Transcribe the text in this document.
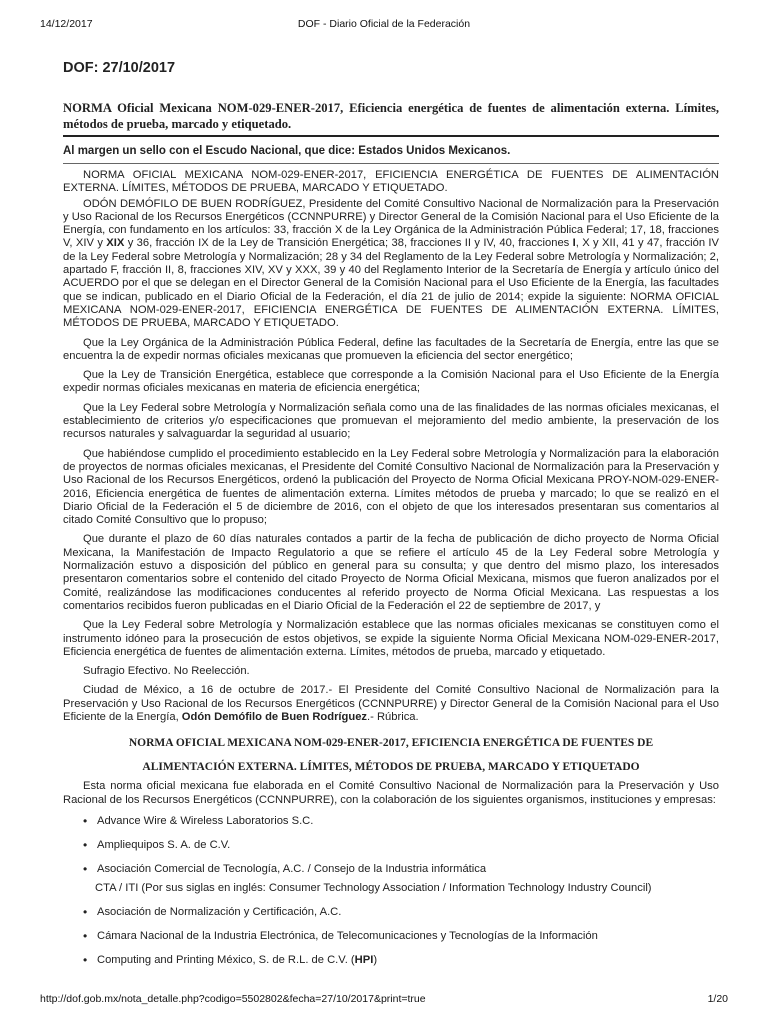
14/12/2017	DOF - Diario Oficial de la Federación
DOF: 27/10/2017

NORMA Oficial Mexicana NOM-029-ENER-2017, Eficiencia energética de fuentes de alimentación externa. Límites, métodos de prueba, marcado y etiquetado.

Al margen un sello con el Escudo Nacional, que dice: Estados Unidos Mexicanos.

NORMA OFICIAL MEXICANA NOM-029-ENER-2017, EFICIENCIA ENERGÉTICA DE FUENTES DE ALIMENTACIÓN EXTERNA. LÍMITES, MÉTODOS DE PRUEBA, MARCADO Y ETIQUETADO.

ODÓN DEMÓFILO DE BUEN RODRÍGUEZ, Presidente del Comité Consultivo Nacional de Normalización para la Preservación y Uso Racional de los Recursos Energéticos (CCNNPURRE) y Director General de la Comisión Nacional para el Uso Eficiente de la Energía, con fundamento en los artículos: 33, fracción X de la Ley Orgánica de la Administración Pública Federal; 17, 18, fracciones V, XIV y XIX y 36, fracción IX de la Ley de Transición Energética; 38, fracciones II y IV, 40, fracciones I, X y XII, 41 y 47, fracción IV de la Ley Federal sobre Metrología y Normalización; 28 y 34 del Reglamento de la Ley Federal sobre Metrología y Normalización; 2, apartado F, fracción II, 8, fracciones XIV, XV y XXX, 39 y 40 del Reglamento Interior de la Secretaría de Energía y artículo único del ACUERDO por el que se delegan en el Director General de la Comisión Nacional para el Uso Eficiente de la Energía, las facultades que se indican, publicado en el Diario Oficial de la Federación, el día 21 de julio de 2014; expide la siguiente: NORMA OFICIAL MEXICANA NOM-029-ENER-2017, EFICIENCIA ENERGÉTICA DE FUENTES DE ALIMENTACIÓN EXTERNA. LÍMITES, MÉTODOS DE PRUEBA, MARCADO Y ETIQUETADO.

Que la Ley Orgánica de la Administración Pública Federal, define las facultades de la Secretaría de Energía, entre las que se encuentra la de expedir normas oficiales mexicanas que promueven la eficiencia del sector energético;

Que la Ley de Transición Energética, establece que corresponde a la Comisión Nacional para el Uso Eficiente de la Energía expedir normas oficiales mexicanas en materia de eficiencia energética;

Que la Ley Federal sobre Metrología y Normalización señala como una de las finalidades de las normas oficiales mexicanas, el establecimiento de criterios y/o especificaciones que promuevan el mejoramiento del medio ambiente, la preservación de los recursos naturales y salvaguardar la seguridad al usuario;

Que habiéndose cumplido el procedimiento establecido en la Ley Federal sobre Metrología y Normalización para la elaboración de proyectos de normas oficiales mexicanas, el Presidente del Comité Consultivo Nacional de Normalización para la Preservación y Uso Racional de los Recursos Energéticos, ordenó la publicación del Proyecto de Norma Oficial Mexicana PROY-NOM-029-ENER-2016, Eficiencia energética de fuentes de alimentación externa. Límites métodos de prueba y marcado; lo que se realizó en el Diario Oficial de la Federación el 5 de diciembre de 2016, con el objeto de que los interesados presentaran sus comentarios al citado Comité Consultivo que lo propuso;

Que durante el plazo de 60 días naturales contados a partir de la fecha de publicación de dicho proyecto de Norma Oficial Mexicana, la Manifestación de Impacto Regulatorio a que se refiere el artículo 45 de la Ley Federal sobre Metrología y Normalización estuvo a disposición del público en general para su consulta; y que dentro del mismo plazo, los interesados presentaron comentarios sobre el contenido del citado Proyecto de Norma Oficial Mexicana, mismos que fueron analizados por el Comité, realizándose las modificaciones conducentes al referido proyecto de Norma Oficial Mexicana. Las respuestas a los comentarios recibidos fueron publicadas en el Diario Oficial de la Federación el 22 de septiembre de 2017, y

Que la Ley Federal sobre Metrología y Normalización establece que las normas oficiales mexicanas se constituyen como el instrumento idóneo para la prosecución de estos objetivos, se expide la siguiente Norma Oficial Mexicana NOM-029-ENER-2017, Eficiencia energética de fuentes de alimentación externa. Límites, métodos de prueba, marcado y etiquetado.

Sufragio Efectivo. No Reelección.

Ciudad de México, a 16 de octubre de 2017.- El Presidente del Comité Consultivo Nacional de Normalización para la Preservación y Uso Racional de los Recursos Energéticos (CCNNPURRE) y Director General de la Comisión Nacional para el Uso Eficiente de la Energía, Odón Demófilo de Buen Rodríguez.- Rúbrica.

NORMA OFICIAL MEXICANA NOM-029-ENER-2017, EFICIENCIA ENERGÉTICA DE FUENTES DE

ALIMENTACIÓN EXTERNA. LÍMITES, MÉTODOS DE PRUEBA, MARCADO Y ETIQUETADO

Esta norma oficial mexicana fue elaborada en el Comité Consultivo Nacional de Normalización para la Preservación y Uso Racional de los Recursos Energéticos (CCNNPURRE), con la colaboración de los siguientes organismos, instituciones y empresas:

• Advance Wire & Wireless Laboratorios S.C.
• Ampliequipos S. A. de C.V.
• Asociación Comercial de Tecnología, A.C. / Consejo de la Industria informática
CTA / ITI (Por sus siglas en inglés: Consumer Technology Association / Information Technology Industry Council)
• Asociación de Normalización y Certificación, A.C.
• Cámara Nacional de la Industria Electrónica, de Telecomunicaciones y Tecnologías de la Información
• Computing and Printing México, S. de R.L. de C.V. (HPI)
http://dof.gob.mx/nota_detalle.php?codigo=5502802&fecha=27/10/2017&print=true	1/20
